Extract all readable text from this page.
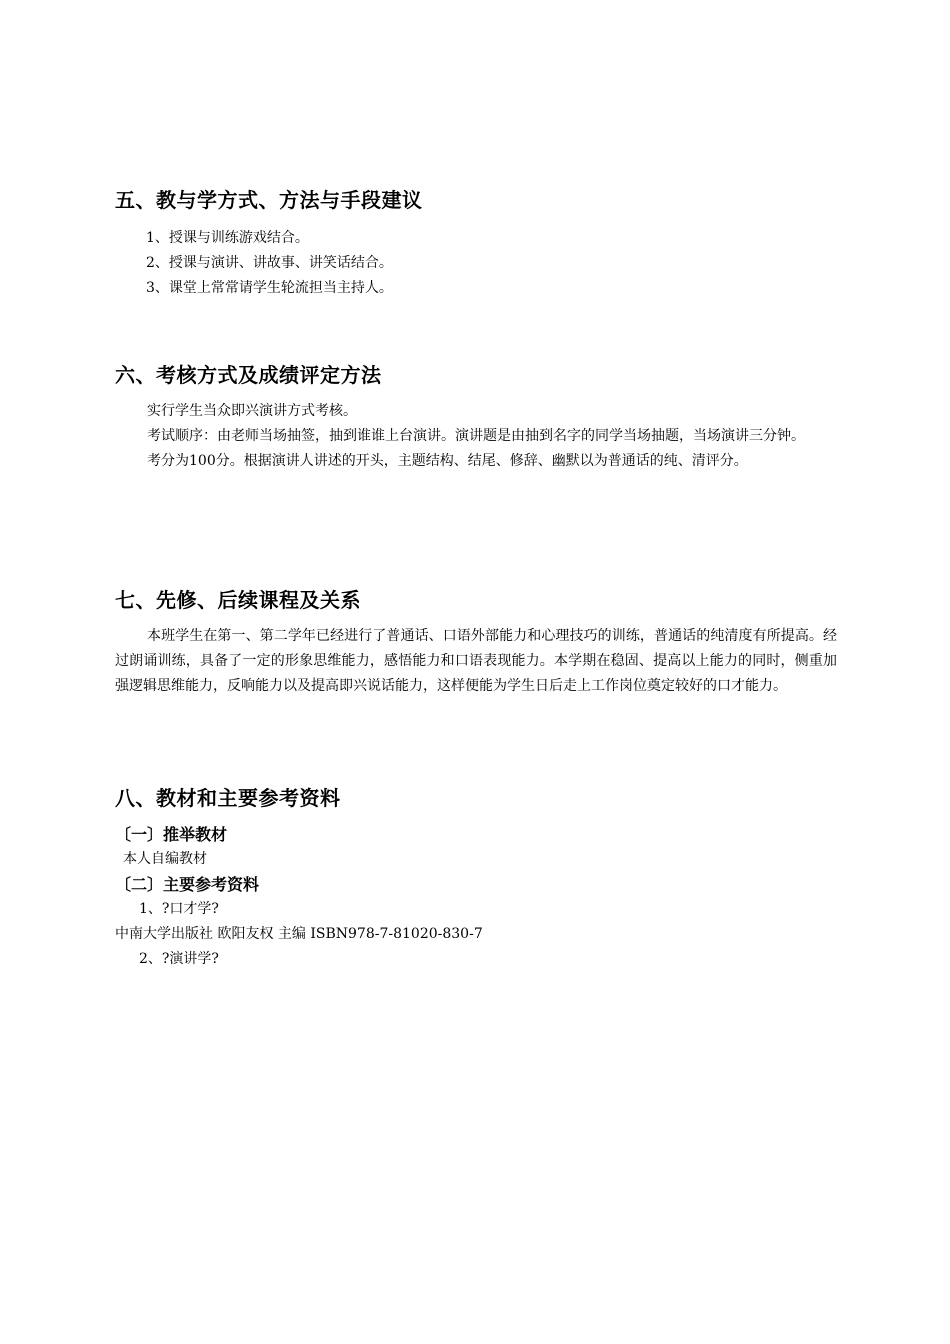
五、教与学方式、方法与手段建议

1、授课与训练游戏结合。

2、授课与演讲、讲故事、讲笑话结合。

3、课堂上常常请学生轮流担当主持人。

六、考核方式及成绩评定方法

实行学生当众即兴演讲方式考核。

考试顺序：由老师当场抽签，抽到谁谁上台演讲。演讲题是由抽到名字的同学当场抽题，当场演讲三分钟。

考分为100分。根据演讲人讲述的开头，主题结构、结尾、修辞、幽默以为普通话的纯、清评分。

七、先修、后续课程及关系

本班学生在第一、第二学年已经进行了普通话、口语外部能力和心理技巧的训练，普通话的纯清度有所提高。经过朗诵训练，具备了一定的形象思维能力，感悟能力和口语表现能力。本学期在稳固、提高以上能力的同时，侧重加强逻辑思维能力，反响能力以及提高即兴说话能力，这样便能为学生日后走上工作岗位奠定较好的口才能力。

八、教材和主要参考资料

〔一〕推举教材

本人自编教材

〔二〕主要参考资料

1、?口才学?

中南大学出版社 欧阳友权 主编 ISBN978-7-81020-830-7

2、?演讲学?
